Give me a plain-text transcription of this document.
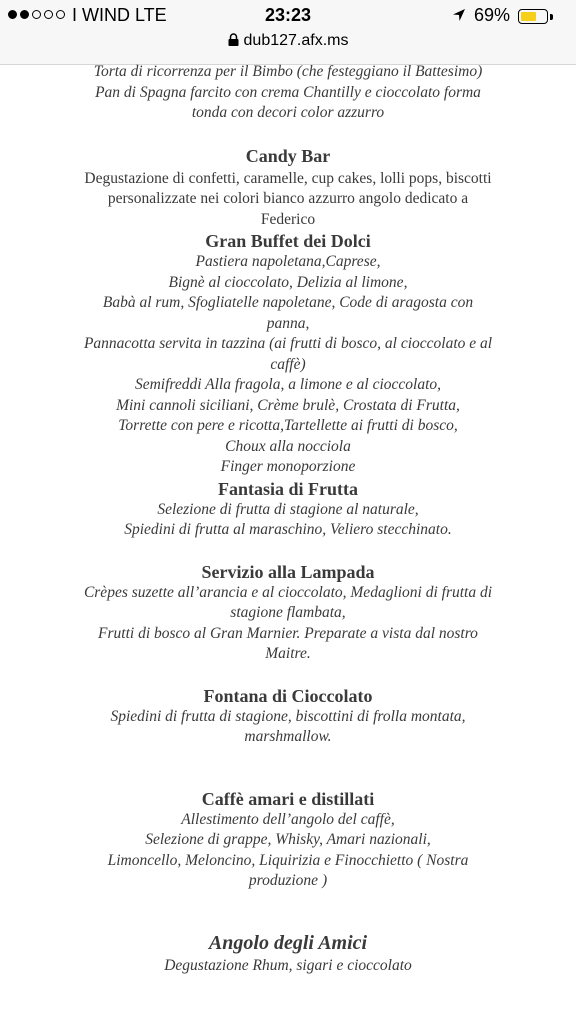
I WIND LTE	23:23	69%
dub127.afx.ms

Torta di ricorrenza per il Bimbo (che festeggiano il Battesimo)

Pan di Spagna farcito con crema Chantilly e cioccolato forma

tonda con decori color azzurro

Candy Bar

Degustazione di confetti, caramelle, cup cakes, lolli pops, biscotti

personalizzate nei colori bianco azzurro angolo dedicato a

Federico

Gran Buffet dei Dolci

Pastiera napoletana,Caprese,

Bignè al cioccolato, Delizia al limone,

Babà al rum, Sfogliatelle napoletane, Code di aragosta con

panna,

Pannacotta servita in tazzina (ai frutti di bosco, al cioccolato e al

caffè)

Semifreddi Alla fragola, a limone e al cioccolato,

Mini cannoli siciliani, Crème brulè, Crostata di Frutta,

Torrette con pere e ricotta,Tartellette ai frutti di bosco,

Choux alla nocciola

Finger monoporzione

Fantasia di Frutta

Selezione di frutta di stagione al naturale,

Spiedini di frutta al maraschino, Veliero stecchinato.

Servizio alla Lampada

Crèpes suzette all’arancia e al cioccolato, Medaglioni di frutta di

stagione flambata,

Frutti di bosco al Gran Marnier. Preparate a vista dal nostro

Maitre.

Fontana di Cioccolato

Spiedini di frutta di stagione, biscottini di frolla montata,

marshmallow.

Caffè amari e distillati

Allestimento dell’angolo del caffè,

Selezione di grappe, Whisky, Amari nazionali,

Limoncello, Meloncino, Liquirizia e Finocchietto ( Nostra

produzione )

Angolo degli Amici

Degustazione Rhum, sigari e cioccolato
